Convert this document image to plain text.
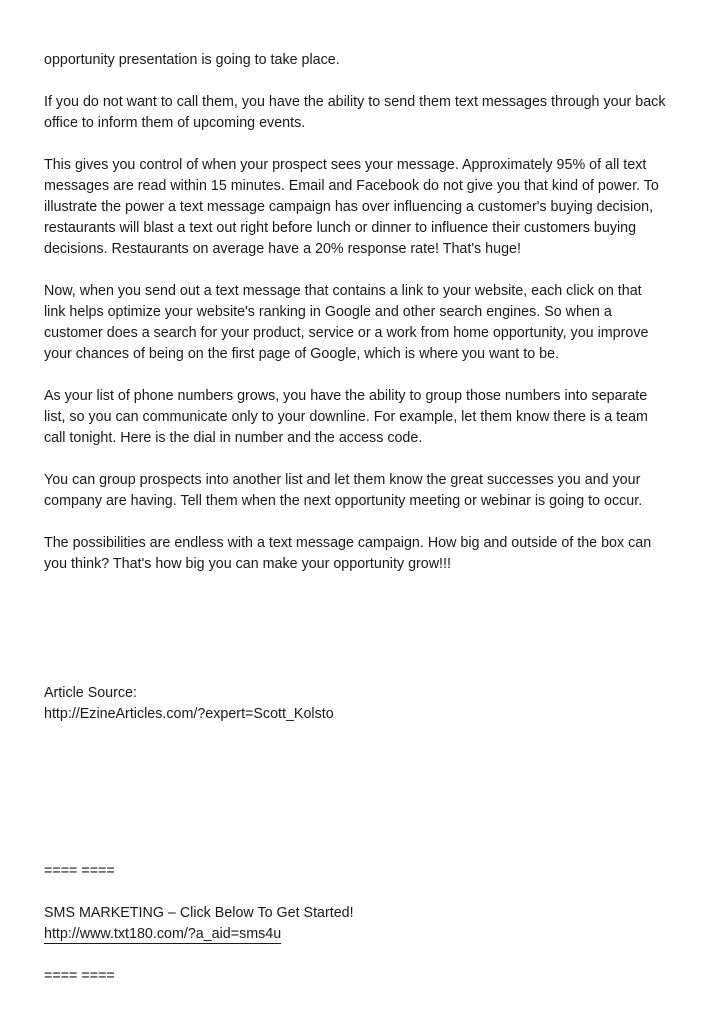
opportunity presentation is going to take place.

If you do not want to call them, you have the ability to send them text messages through your back
office to inform them of upcoming events.

This gives you control of when your prospect sees your message. Approximately 95% of all text
messages are read within 15 minutes. Email and Facebook do not give you that kind of power. To
illustrate the power a text message campaign has over influencing a customer's buying decision,
restaurants will blast a text out right before lunch or dinner to influence their customers buying
decisions. Restaurants on average have a 20% response rate! That's huge!

Now, when you send out a text message that contains a link to your website, each click on that
link helps optimize your website's ranking in Google and other search engines. So when a
customer does a search for your product, service or a work from home opportunity, you improve
your chances of being on the first page of Google, which is where you want to be.

As your list of phone numbers grows, you have the ability to group those numbers into separate
list, so you can communicate only to your downline. For example, let them know there is a team
call tonight. Here is the dial in number and the access code.

You can group prospects into another list and let them know the great successes you and your
company are having. Tell them when the next opportunity meeting or webinar is going to occur.

The possibilities are endless with a text message campaign. How big and outside of the box can
you think? That's how big you can make your opportunity grow!!!

Article Source:

http://EzineArticles.com/?expert=Scott_Kolsto

==== ====

SMS MARKETING – Click Below To Get Started!

http://www.txt180.com/?a_aid=sms4u

==== ====
